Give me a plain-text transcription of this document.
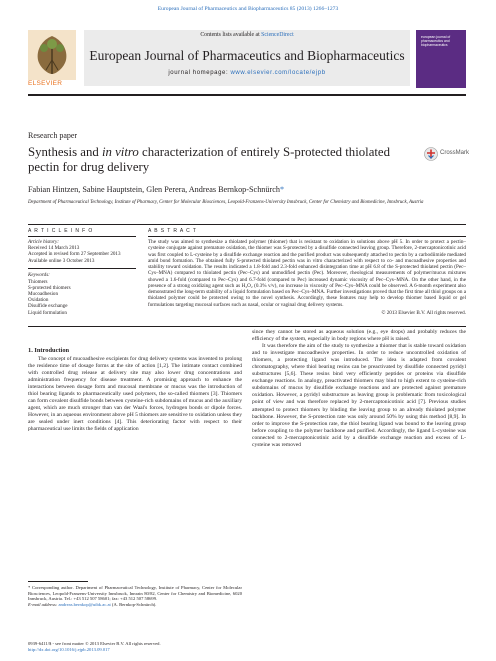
European Journal of Pharmaceutics and Biopharmaceutics 85 (2013) 1266–1273
ELSEVIER
Contents lists available at ScienceDirect
European Journal of Pharmaceutics and Biopharmaceutics
journal homepage: www.elsevier.com/locate/ejpb
european journal of pharmaceutics and biopharmaceutics
Research paper
Synthesis and in vitro characterization of entirely S-protected thiolated pectin for drug delivery
CrossMark
Fabian Hintzen, Sabine Hauptstein, Glen Perera, Andreas Bernkop-Schnürch*
Department of Pharmaceutical Technology, Institute of Pharmacy, Center for Molecular Biosciences, Leopold-Franzens-University Innsbruck, Center for Chemistry and Biomedicine, Innsbruck, Austria
A R T I C L E I N F O	A B S T R A C T
Article history:
Received 14 March 2013
Accepted in revised form 27 September 2013
Available online 3 October 2013
Keywords:
Thiomers
S-protected thiomers
Mucoadhesion
Oxidation
Disulfide exchange
Liquid formulation

The study was aimed to synthesize a thiolated polymer (thiomer) that is resistant to oxidation in solutions above pH 5. In order to protect a pectin–cysteine conjugate against premature oxidation, the thiomer was S-protected by a disulfide connected leaving group. Therefore, 2-mercaptonicotinic acid was first coupled to L-cysteine by a disulfide exchange reaction and the purified product was subsequently attached to pectin by a carbodiimide mediated amid bond formation. The obtained fully S-protected thiolated pectin was in vitro characterized with respect to co- and mucoadhesive properties and stability toward oxidation. The results indicated a 1.8-fold and 2.3-fold enhanced disintegration time at pH 6.8 of the S-protected thiolated pectin (Pec–Cys–MNA) compared to thiolated pectin (Pec–Cys) and unmodified pectin (Pec). Moreover, rheological measurements of polymer/mucus mixtures showed a 1.6-fold (compared to Pec–Cys) and 6.7-fold (compared to Pec) increased dynamic viscosity of Pec–Cys–MNA. On the other hand, in the presence of a strong oxidizing agent such as H₂O₂ (0.3% v/v), no increase in viscosity of Pec–Cys–MNA could be observed. A 6-month experiment also demonstrated the long-term stability of a liquid formulation based on Pec–Cys–MNA. Further investigations proved that the first time all thiol groups on a thiolated polymer could be protected owing to the novel synthesis. Accordingly, these features may help to develop thiomer based liquid or gel formulations targeting mucosal surfaces such as nasal, ocular or vaginal drug delivery systems.

© 2013 Elsevier B.V. All rights reserved.
1. Introduction

The concept of mucoadhesive excipients for drug delivery systems was invented to prolong the residence time of dosage forms at the site of action [1,2]. The intimate contact combined with controlled drug release at delivery site may also lower drug concentrations and administration frequency for disease treatment. A promising approach to enhance the interactions between dosage form and mucosal membrane or mucus was the introduction of thiol bearing ligands to pharmaceutically used polymers, the so-called thiomers [3]. Thiomers can form covalent disulfide bonds between cysteine-rich subdomains of mucus and the auxiliary agent, which are much stronger than van der Waal's forces, hydrogen bonds or dipole forces. However, in an aqueous environment above pH 5 thiomers are sensitive to oxidation unless they are sealed under inert conditions [4]. This deteriorating factor with respect to their pharmaceutical use limits the fields of application

since they cannot be stored as aqueous solution (e.g., eye drops) and probably reduces the efficiency of the system, especially in body regions where pH is raised.

It was therefore the aim of the study to synthesize a thiomer that is stable toward oxidation and to investigate mucoadhesive properties. In order to reduce uncontrolled oxidation of thiomers, a protecting ligand was introduced. The idea is adapted from covalent chromatography, where thiol bearing resins can be preactivated by disulfide connected pyridyl substructures [5,6]. These resins bind very efficiently peptides or proteins via disulfide exchange reactions. In analogy, preactivated thiomers may bind to high extent to cysteine-rich subdomains of mucus by disulfide exchange reactions and are protected against premature oxidation. However, a pyridyl substructure as leaving group is problematic from toxicological point of view and was therefore replaced by 2-mercaptonicotinic acid [7]. Previous studies attempted to protect thiomers by binding the leaving group to an already thiolated polymer backbone. However, the S-protection rate was only around 50% by using this method [8,9]. In order to improve the S-protection rate, the thiol bearing ligand was bound to the leaving group before coupling to the polymer backbone and purified. Accordingly, the ligand L-cysteine was connected to 2-mercaptonicotinic acid by a disulfide exchange reaction and excess of L-cysteine was removed

* Corresponding author. Department of Pharmaceutical Technology, Institute of Pharmacy, Center for Molecular Biosciences, Leopold-Franzens-University Innsbruck, Innrain 80/82, Center for Chemistry and Biomedicine, 6020 Innsbruck, Austria. Tel.: +43 512 507 58601; fax: +43 512 507 58699.

E-mail address: andreas.bernkop@uibk.ac.at (A. Bernkop-Schnürch).

0939-6411/$ - see front matter © 2013 Elsevier B.V. All rights reserved.
http://dx.doi.org/10.1016/j.ejpb.2013.09.017
